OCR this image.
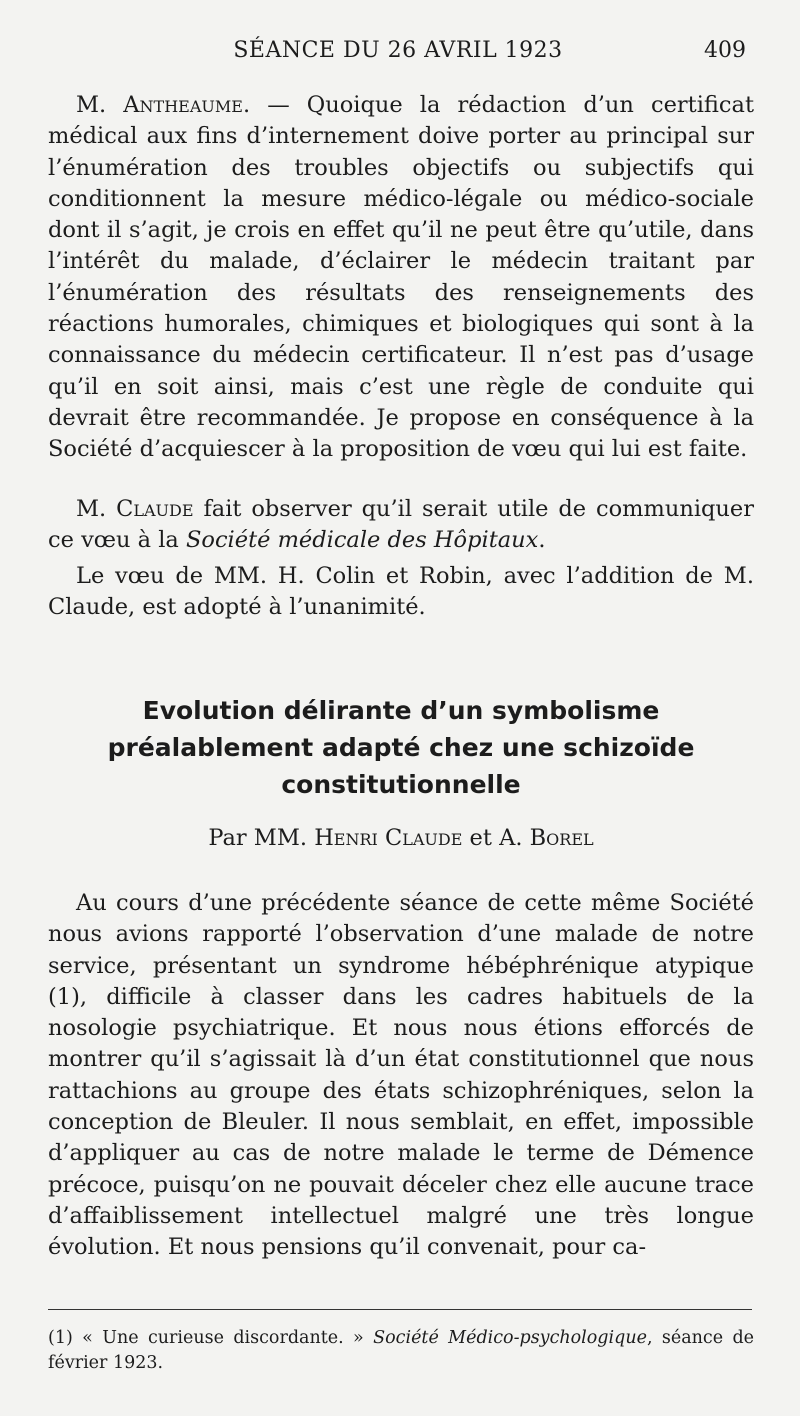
SÉANCE DU 26 AVRIL 1923	409

M. Antheaume. — Quoique la rédaction d’un certificat médical aux fins d’internement doive porter au principal sur l’énumération des troubles objectifs ou subjectifs qui conditionnent la mesure médico-légale ou médico-sociale dont il s’agit, je crois en effet qu’il ne peut être qu’utile, dans l’intérêt du malade, d’éclairer le médecin traitant par l’énumération des résultats des renseignements des réactions humorales, chimiques et biologiques qui sont à la connaissance du médecin certificateur. Il n’est pas d’usage qu’il en soit ainsi, mais c’est une règle de conduite qui devrait être recommandée. Je propose en conséquence à la Société d’acquiescer à la proposition de vœu qui lui est faite.

M. Claude fait observer qu’il serait utile de communiquer ce vœu à la Société médicale des Hôpitaux.

Le vœu de MM. H. Colin et Robin, avec l’addition de M. Claude, est adopté à l’unanimité.

Evolution délirante d’un symbolisme
préalablement adapté chez une schizoïde
constitutionnelle

Par MM. Henri Claude et A. Borel

Au cours d’une précédente séance de cette même Société nous avions rapporté l’observation d’une malade de notre service, présentant un syndrome hébéphrénique atypique (1), difficile à classer dans les cadres habituels de la nosologie psychiatrique. Et nous nous étions efforcés de montrer qu’il s’agissait là d’un état constitutionnel que nous rattachions au groupe des états schizophréniques, selon la conception de Bleuler. Il nous semblait, en effet, impossible d’appliquer au cas de notre malade le terme de Démence précoce, puisqu’on ne pouvait déceler chez elle aucune trace d’affaiblissement intellectuel malgré une très longue évolution. Et nous pensions qu’il convenait, pour ca-

(1) « Une curieuse discordante. » Société Médico-psychologique, séance de février 1923.
